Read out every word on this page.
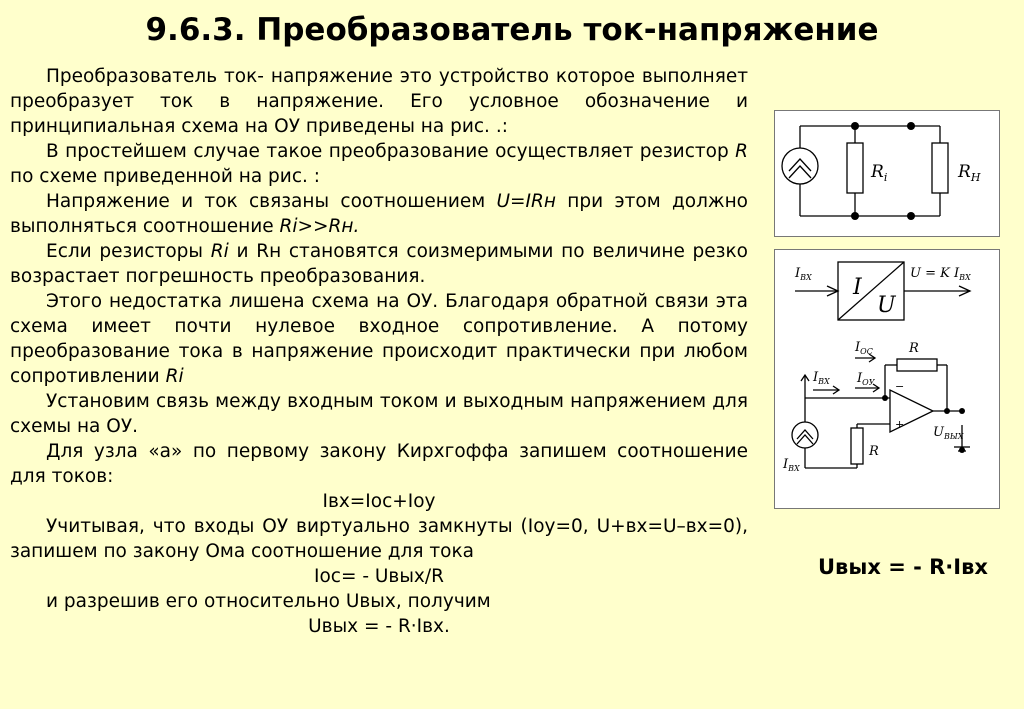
9.6.3. Преобразователь ток-напряжение

Преобразователь ток- напряжение это устройство которое выполняет преобразует ток в напряжение. Его условное обозначение и принципиальная схема на ОУ приведены на рис. .:

В простейшем случае такое преобразование осуществляет резистор R по схеме приведенной на рис. :

Напряжение и ток связаны соотношением U=IRн при этом должно выполняться соотношение Ri>>Rн.

Если резисторы Ri и Rн становятся соизмеримыми по величине резко возрастает погрешность преобразования.

Этого недостатка лишена схема на ОУ. Благодаря обратной связи эта схема имеет почти нулевое входное сопротивление. А потому преобразование тока в напряжение происходит практически при любом сопротивлении Ri

Установим связь между входным током и выходным напряжением для схемы на ОУ.

Для узла «а» по первому закону Кирхгоффа запишем соотношение для токов:

Iвх=Iос+Iоу

Учитывая, что входы ОУ виртуально замкнуты (Iоу=0, U+вх=U–вх=0), запишем по закону Ома соотношение для тока

Iос= - Uвых/R

и разрешив его относительно Uвых, получим

Uвых = - R·Iвх.

$R_i$	$R_Н$
I
U
$I_{ВХ}$	U = K $I_{ВХ}$
−
+
$I_{ОС}$	R
$I_{ВХ}$ $I_{ОУ}$
R
$I_{ВХ}$
$U_{ВЫХ}$
Uвых = - R·Iвх
